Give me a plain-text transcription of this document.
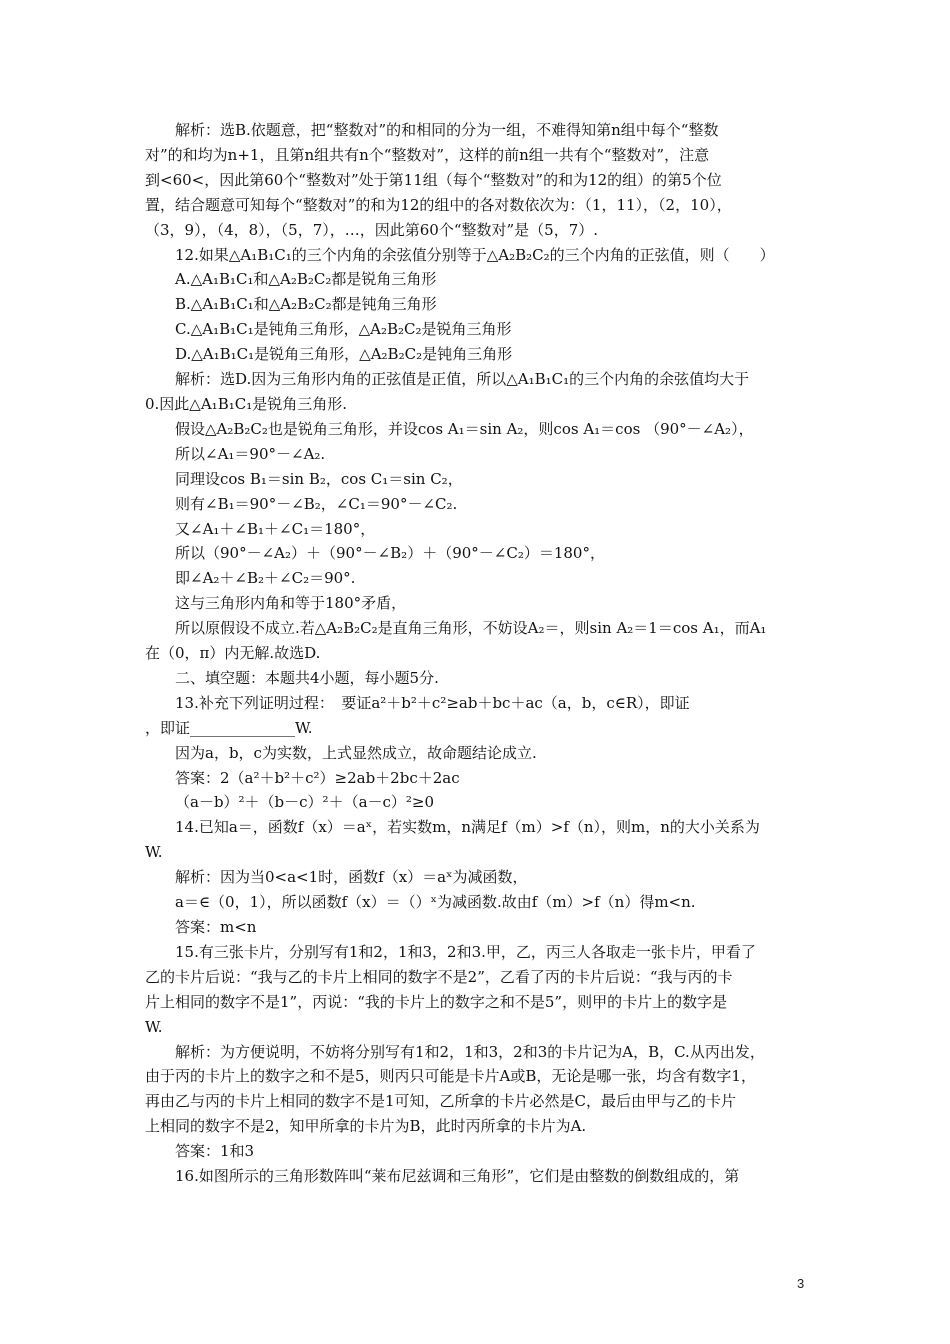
解析：选B.依题意，把“整数对”的和相同的分为一组，不难得知第n组中每个“整数

对”的和均为n+1，且第n组共有n个“整数对”，这样的前n组一共有个“整数对”，注意

到<60<，因此第60个“整数对”处于第11组（每个“整数对”的和为12的组）的第5个位

置，结合题意可知每个“整数对”的和为12的组中的各对数依次为：（1，11），（2，10），

（3，9），（4，8），（5，7），…，因此第60个“整数对”是（5，7）.

12.如果△A₁B₁C₁的三个内角的余弦值分别等于△A₂B₂C₂的三个内角的正弦值，则（　　）

A.△A₁B₁C₁和△A₂B₂C₂都是锐角三角形

B.△A₁B₁C₁和△A₂B₂C₂都是钝角三角形

C.△A₁B₁C₁是钝角三角形，△A₂B₂C₂是锐角三角形

D.△A₁B₁C₁是锐角三角形，△A₂B₂C₂是钝角三角形

解析：选D.因为三角形内角的正弦值是正值，所以△A₁B₁C₁的三个内角的余弦值均大于

0.因此△A₁B₁C₁是锐角三角形.

假设△A₂B₂C₂也是锐角三角形，并设cos A₁＝sin A₂，则cos A₁＝cos （90°－∠A₂），

所以∠A₁＝90°－∠A₂.

同理设cos B₁＝sin B₂，cos C₁＝sin C₂，

则有∠B₁＝90°－∠B₂，∠C₁＝90°－∠C₂.

又∠A₁＋∠B₁＋∠C₁＝180°，

所以（90°－∠A₂）＋（90°－∠B₂）＋（90°－∠C₂）＝180°，

即∠A₂＋∠B₂＋∠C₂＝90°.

这与三角形内角和等于180°矛盾，

所以原假设不成立.若△A₂B₂C₂是直角三角形，不妨设A₂＝，则sin A₂＝1＝cos A₁，而A₁

在（0，π）内无解.故选D.

二、填空题：本题共4小题，每小题5分.

13.补充下列证明过程：　要证a²＋b²＋c²≥ab＋bc＋ac（a，b，c∈R），即证

，即证______________W.

因为a，b，c为实数，上式显然成立，故命题结论成立.

答案：2（a²＋b²＋c²）≥2ab＋2bc＋2ac

（a－b）²＋（b－c）²＋（a－c）²≥0

14.已知a＝，函数f（x）＝aˣ，若实数m，n满足f（m）>f（n），则m，n的大小关系为

W.

解析：因为当0<a<1时，函数f（x）＝aˣ为减函数，

a＝∈（0，1），所以函数f（x）＝（）ˣ为减函数.故由f（m）>f（n）得m<n.

答案：m<n

15.有三张卡片，分别写有1和2，1和3，2和3.甲，乙，丙三人各取走一张卡片，甲看了

乙的卡片后说：“我与乙的卡片上相同的数字不是2”，乙看了丙的卡片后说：“我与丙的卡

片上相同的数字不是1”，丙说：“我的卡片上的数字之和不是5”，则甲的卡片上的数字是

W.

解析：为方便说明，不妨将分别写有1和2，1和3，2和3的卡片记为A，B，C.从丙出发，

由于丙的卡片上的数字之和不是5，则丙只可能是卡片A或B，无论是哪一张，均含有数字1，

再由乙与丙的卡片上相同的数字不是1可知，乙所拿的卡片必然是C，最后由甲与乙的卡片

上相同的数字不是2，知甲所拿的卡片为B，此时丙所拿的卡片为A.

答案：1和3

16.如图所示的三角形数阵叫“莱布尼兹调和三角形”，它们是由整数的倒数组成的，第

3
